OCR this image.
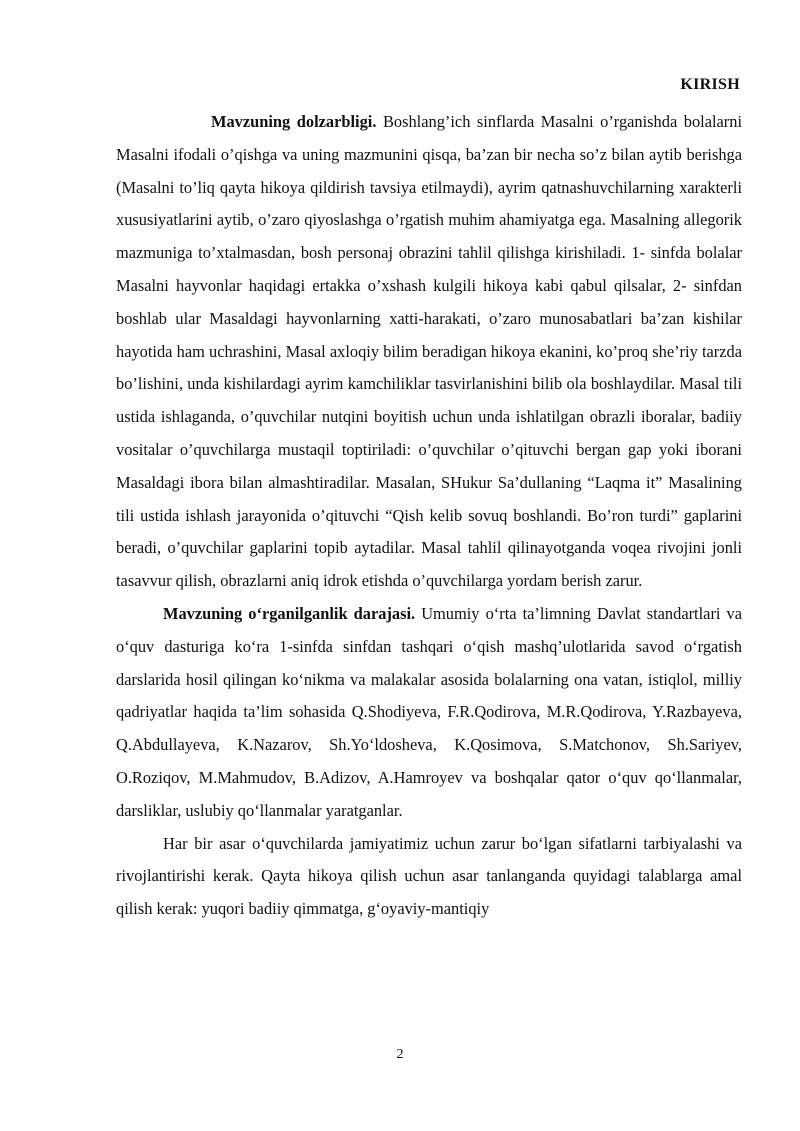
KIRISH

Mavzuning dolzarbligi. Boshlang’ich sinflarda Masalni o’rganishda bolalarni Masalni ifodali o’qishga va uning mazmunini qisqa, ba’zan bir necha so’z bilan aytib berishga (Masalni to’liq qayta hikoya qildirish tavsiya etilmaydi), ayrim qatnashuvchilarning xarakterli xususiyatlarini aytib, o’zaro qiyoslashga o’rgatish muhim ahamiyatga ega. Masalning allegorik mazmuniga to’xtalmasdan, bosh personaj obrazini tahlil qilishga kirishiladi. 1- sinfda bolalar Masalni hayvonlar haqidagi ertakka o’xshash kulgili hikoya kabi qabul qilsalar, 2- sinfdan boshlab ular Masaldagi hayvonlarning xatti-harakati, o’zaro munosabatlari ba’zan kishilar hayotida ham uchrashini, Masal axloqiy bilim beradigan hikoya ekanini, ko’proq she’riy tarzda bo’lishini, unda kishilardagi ayrim kamchiliklar tasvirlanishini bilib ola boshlaydilar. Masal tili ustida ishlaganda, o’quvchilar nutqini boyitish uchun unda ishlatilgan obrazli iboralar, badiiy vositalar o’quvchilarga mustaqil toptiriladi: o’quvchilar o’qituvchi bergan gap yoki iborani Masaldagi ibora bilan almashtiradilar. Masalan, SHukur Sa’dullaning “Laqma it” Masalining tili ustida ishlash jarayonida o’qituvchi “Qish kelib sovuq boshlandi. Bo’ron turdi” gaplarini beradi, o’quvchilar gaplarini topib aytadilar. Masal tahlil qilinayotganda voqea rivojini jonli tasavvur qilish, obrazlarni aniq idrok etishda o’quvchilarga yordam berish zarur.

Mavzuning o‘rganilganlik darajasi. Umumiy o‘rta ta’limning Davlat standartlari va o‘quv dasturiga ko‘ra 1-sinfda sinfdan tashqari o‘qish mashq’ulotlarida savod o‘rgatish darslarida hosil qilingan ko‘nikma va malakalar asosida bolalarning ona vatan, istiqlol, milliy qadriyatlar haqida ta’lim sohasida Q.Shodiyeva, F.R.Qodirova, M.R.Qodirova, Y.Razbayeva, Q.Abdullayeva, K.Nazarov, Sh.Yo‘ldosheva, K.Qosimova, S.Matchonov, Sh.Sariyev, O.Roziqov, M.Mahmudov, B.Adizov, A.Hamroyev va boshqalar qator o‘quv qo‘llanmalar, darsliklar, uslubiy qo‘llanmalar yaratganlar.

Har bir asar o‘quvchilarda jamiyatimiz uchun zarur bo‘lgan sifatlarni tarbiyalashi va rivojlantirishi kerak. Qayta hikoya qilish uchun asar tanlanganda quyidagi talablarga amal qilish kerak: yuqori badiiy qimmatga, g‘oyaviy-mantiqiy

2
